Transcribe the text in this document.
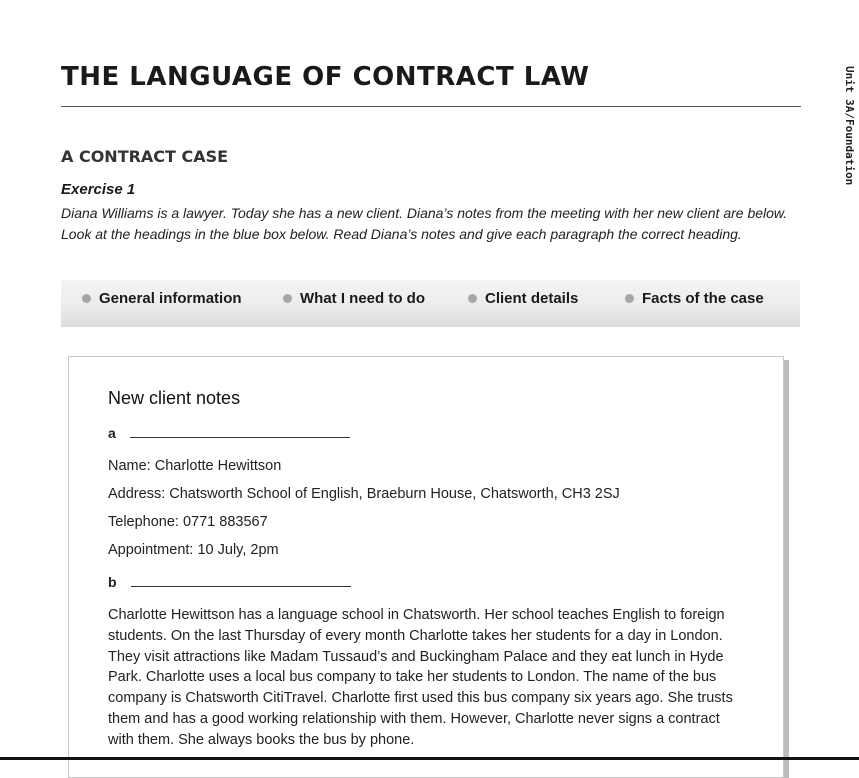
THE LANGUAGE OF CONTRACT LAW	Unit 3A/Foundation
A CONTRACT CASE
Exercise 1
Diana Williams is a lawyer. Today she has a new client. Diana’s notes from the meeting with her new client are below. Look at the headings in the blue box below. Read Diana’s notes and give each paragraph the correct heading.
General information	What I need to do	Client details	Facts of the case
New client notes
a
Name: Charlotte Hewittson
Address: Chatsworth School of English, Braeburn House, Chatsworth, CH3 2SJ
Telephone: 0771 883567
Appointment: 10 July, 2pm
b
Charlotte Hewittson has a language school in Chatsworth. Her school teaches English to foreign students. On the last Thursday of every month Charlotte takes her students for a day in London. They visit attractions like Madam Tussaud’s and Buckingham Palace and they eat lunch in Hyde Park. Charlotte uses a local bus company to take her students to London. The name of the bus company is Chatsworth CitiTravel. Charlotte first used this bus company six years ago. She trusts them and has a good working relationship with them. However, Charlotte never signs a contract with them. She always books the bus by phone.
